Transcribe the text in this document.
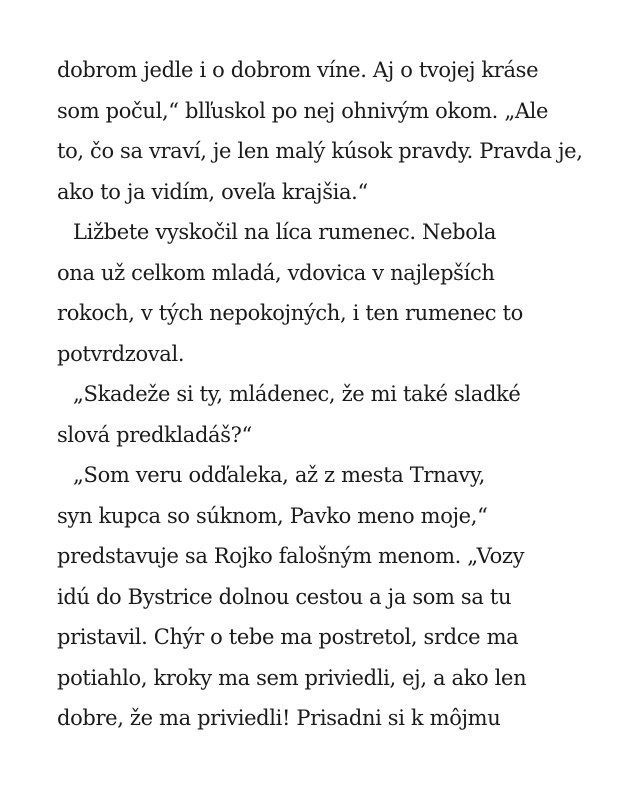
dobrom jedle i o dobrom víne. Aj o tvojej kráse
som počul,“ blľuskol po nej ohnivým okom. „Ale
to, čo sa vraví, je len malý kúsok pravdy. Pravda je,
ako to ja vidím, oveľa krajšia.“
Ližbete vyskočil na líca rumenec. Nebola
ona už celkom mladá, vdovica v najlepších
rokoch, v tých nepokojných, i ten rumenec to
potvrdzoval.
„Skadeže si ty, mládenec, že mi také sladké
slová predkladáš?“
„Som veru odďaleka, až z mesta Trnavy,
syn kupca so súknom, Pavko meno moje,“
predstavuje sa Rojko falošným menom. „Vozy
idú do Bystrice dolnou cestou a ja som sa tu
pristavil. Chýr o tebe ma postretol, srdce ma
potiahlo, kroky ma sem priviedli, ej, a ako len
dobre, že ma priviedli! Prisadni si k môjmu
